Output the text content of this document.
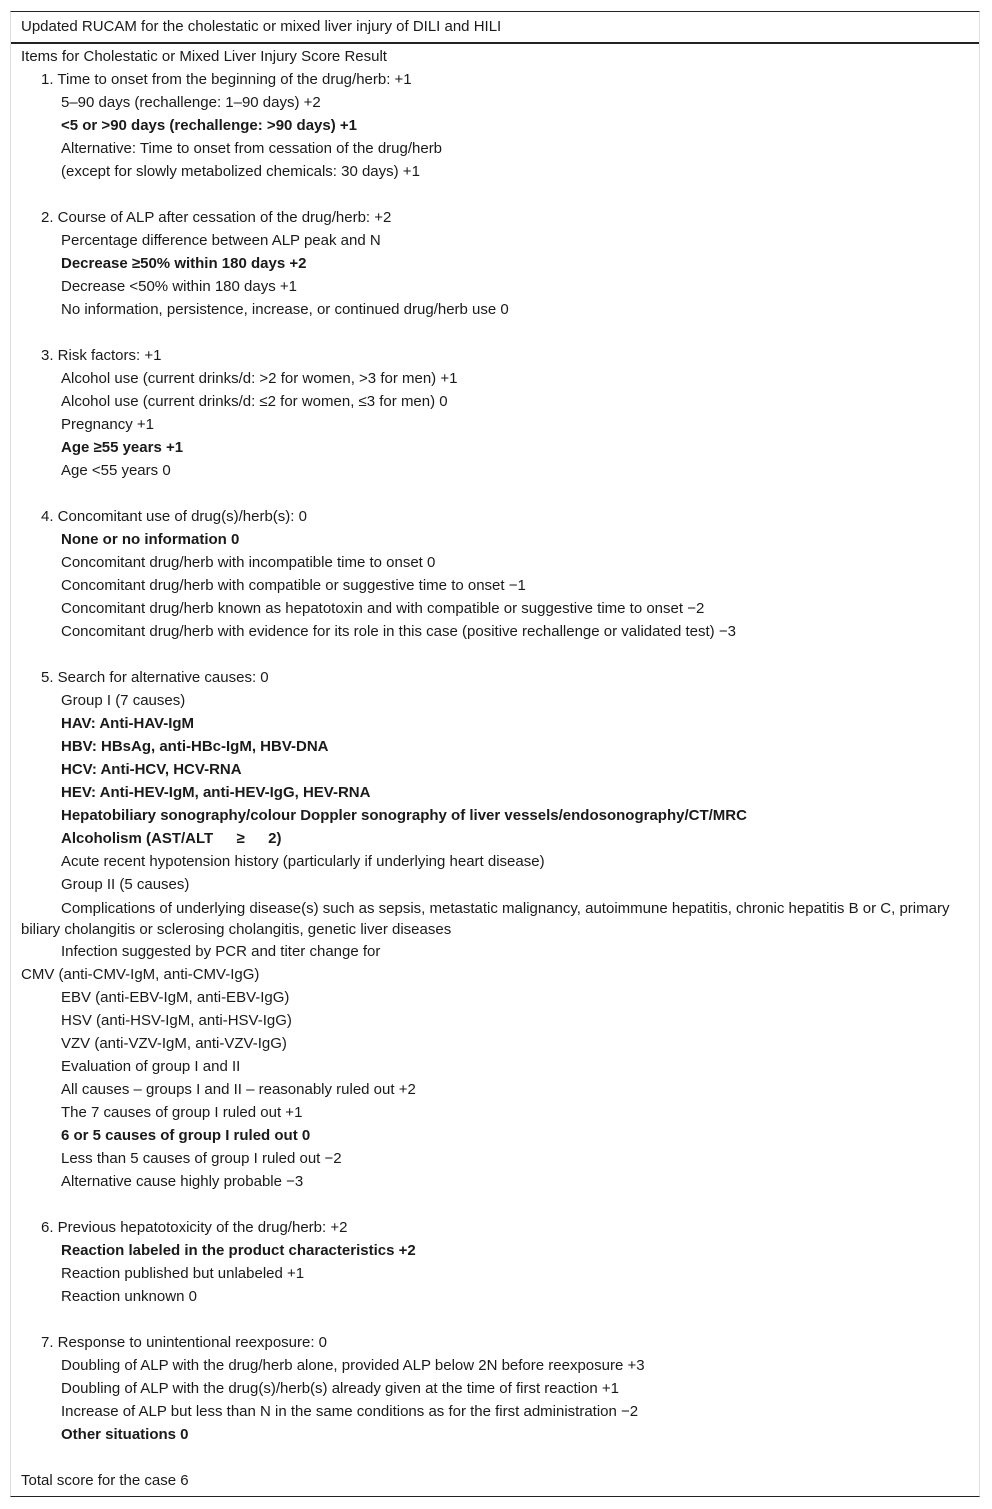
Updated RUCAM for the cholestatic or mixed liver injury of DILI and HILI
Items for Cholestatic or Mixed Liver Injury Score Result
1. Time to onset from the beginning of the drug/herb: +1
5–90 days (rechallenge: 1–90 days) +2
<5 or >90 days (rechallenge: >90 days) +1
Alternative: Time to onset from cessation of the drug/herb
(except for slowly metabolized chemicals: 30 days) +1
2. Course of ALP after cessation of the drug/herb: +2
Percentage difference between ALP peak and N
Decrease ≥50% within 180 days +2
Decrease <50% within 180 days +1
No information, persistence, increase, or continued drug/herb use 0
3. Risk factors: +1
Alcohol use (current drinks/d: >2 for women, >3 for men) +1
Alcohol use (current drinks/d: ≤2 for women, ≤3 for men) 0
Pregnancy +1
Age ≥55 years +1
Age <55 years 0
4. Concomitant use of drug(s)/herb(s): 0
None or no information 0
Concomitant drug/herb with incompatible time to onset 0
Concomitant drug/herb with compatible or suggestive time to onset −1
Concomitant drug/herb known as hepatotoxin and with compatible or suggestive time to onset −2
Concomitant drug/herb with evidence for its role in this case (positive rechallenge or validated test) −3
5. Search for alternative causes: 0
Group I (7 causes)
HAV: Anti-HAV-IgM
HBV: HBsAg, anti-HBc-IgM, HBV-DNA
HCV: Anti-HCV, HCV-RNA
HEV: Anti-HEV-IgM, anti-HEV-IgG, HEV-RNA
Hepatobiliary sonography/colour Doppler sonography of liver vessels/endosonography/CT/MRC
Alcoholism (AST/ALT   ≥   2)
Acute recent hypotension history (particularly if underlying heart disease)
Group II (5 causes)
Complications of underlying disease(s) such as sepsis, metastatic malignancy, autoimmune hepatitis, chronic hepatitis B or C, primary biliary cholangitis or sclerosing cholangitis, genetic liver diseases
Infection suggested by PCR and titer change for
CMV (anti-CMV-IgM, anti-CMV-IgG)
EBV (anti-EBV-IgM, anti-EBV-IgG)
HSV (anti-HSV-IgM, anti-HSV-IgG)
VZV (anti-VZV-IgM, anti-VZV-IgG)
Evaluation of group I and II
All causes – groups I and II – reasonably ruled out +2
The 7 causes of group I ruled out +1
6 or 5 causes of group I ruled out 0
Less than 5 causes of group I ruled out −2
Alternative cause highly probable −3
6. Previous hepatotoxicity of the drug/herb: +2
Reaction labeled in the product characteristics +2
Reaction published but unlabeled +1
Reaction unknown 0
7. Response to unintentional reexposure: 0
Doubling of ALP with the drug/herb alone, provided ALP below 2N before reexposure +3
Doubling of ALP with the drug(s)/herb(s) already given at the time of first reaction +1
Increase of ALP but less than N in the same conditions as for the first administration −2
Other situations 0
Total score for the case 6
